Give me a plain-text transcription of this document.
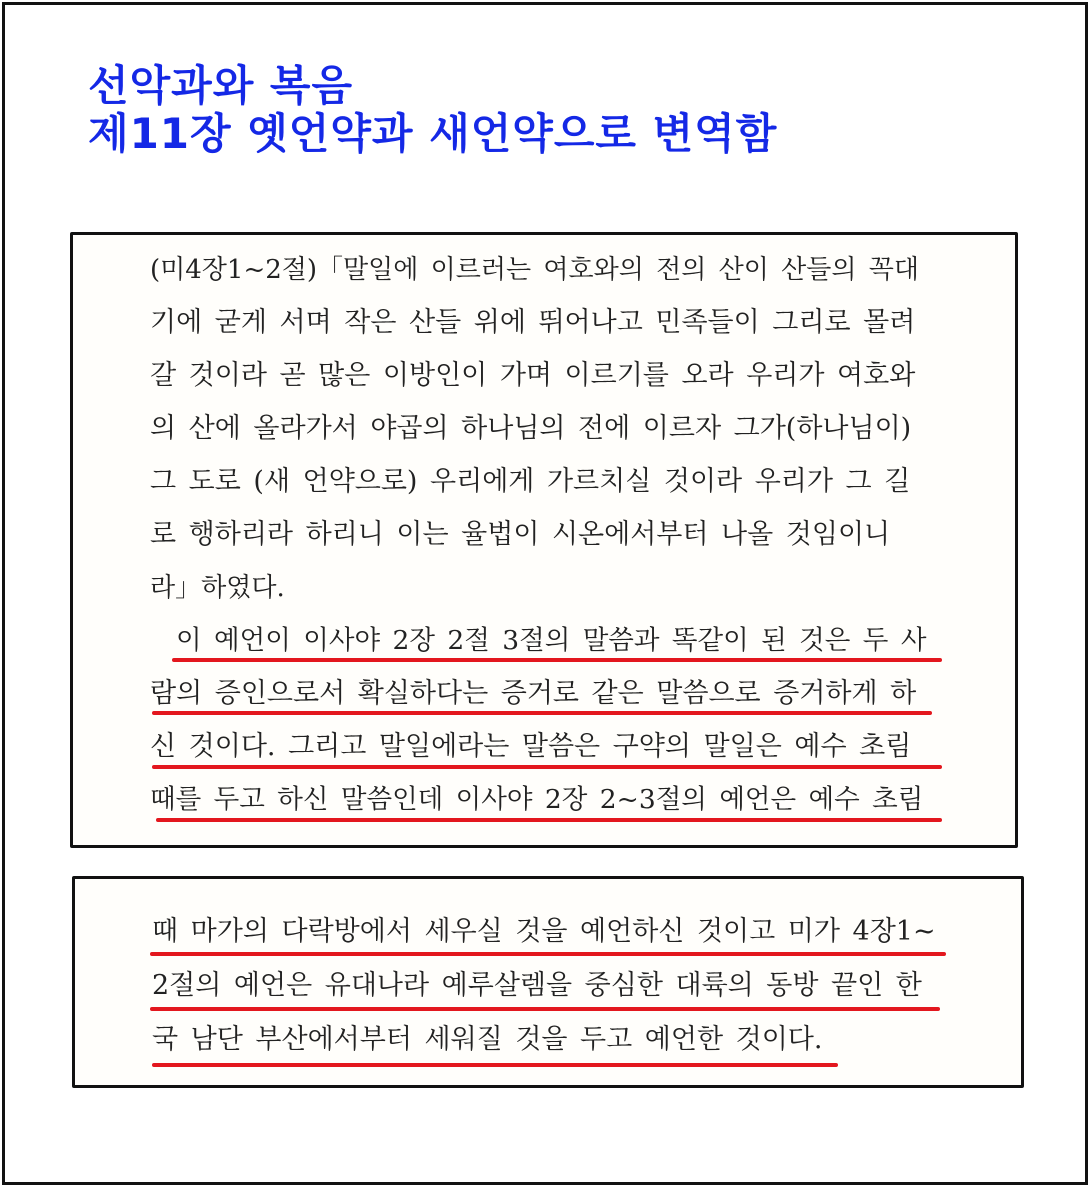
선악과와 복음
제11장 옛언약과 새언약으로 변역함

(미4장1~2절)「말일에 이르러는 여호와의 전의 산이 산들의 꼭대

기에 굳게 서며 작은 산들 위에 뛰어나고 민족들이 그리로 몰려

갈 것이라 곧 많은 이방인이 가며 이르기를 오라 우리가 여호와

의 산에 올라가서 야곱의 하나님의 전에 이르자 그가(하나님이)

그 도로 (새 언약으로) 우리에게 가르치실 것이라 우리가 그 길

로 행하리라 하리니 이는 율법이 시온에서부터 나올 것임이니

라」하였다.

이 예언이 이사야 2장 2절 3절의 말씀과 똑같이 된 것은 두 사

람의 증인으로서 확실하다는 증거로 같은 말씀으로 증거하게 하

신 것이다. 그리고 말일에라는 말씀은 구약의 말일은 예수 초림

때를 두고 하신 말씀인데 이사야 2장 2~3절의 예언은 예수 초림

때 마가의 다락방에서 세우실 것을 예언하신 것이고 미가 4장1~

2절의 예언은 유대나라 예루살렘을 중심한 대륙의 동방 끝인 한

국 남단 부산에서부터 세워질 것을 두고 예언한 것이다.
